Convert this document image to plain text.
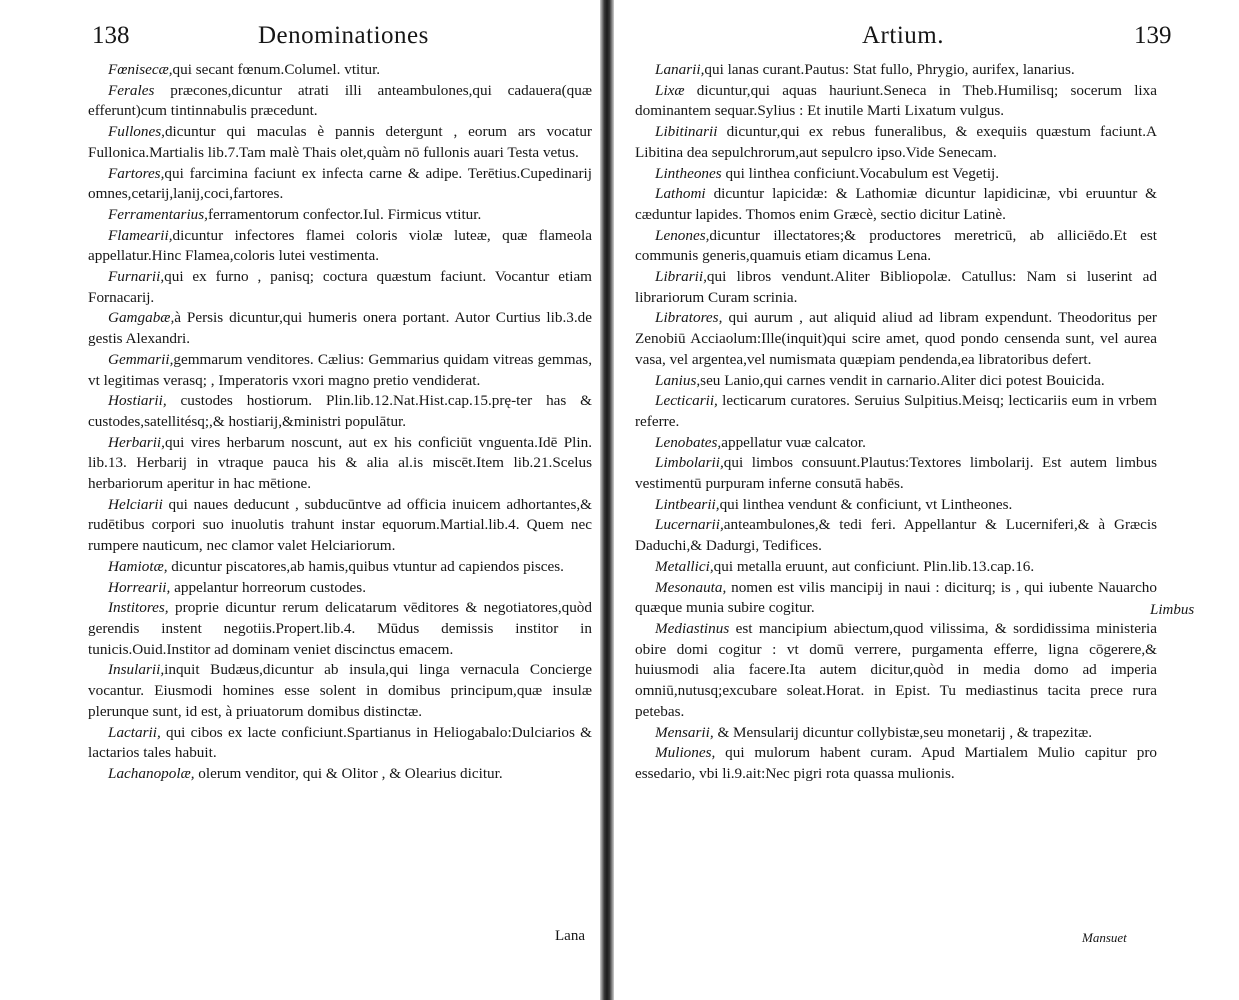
138	Denominationes

Fœnisecæ,qui secant fœnum.Columel. vtitur.

Ferales præcones,dicuntur atrati illi anteambulones,qui cadauera(quæ efferunt)cum tintinnabulis præcedunt.

Fullones,dicuntur qui maculas è pannis detergunt , eorum ars vocatur Fullonica.Martialis lib.7.Tam malè Thais olet,quàm nō fullonis auari Testa vetus.

Fartores,qui farcimina faciunt ex infecta carne & adipe. Terētius.Cupedinarij omnes,cetarij,lanij,coci,fartores.

Ferramentarius,ferramentorum confector.Iul. Firmicus vtitur.

Flamearii,dicuntur infectores flamei coloris violæ luteæ, quæ flameola appellatur.Hinc Flamea,coloris lutei vestimenta.

Furnarii,qui ex furno , panisq; coctura quæstum faciunt. Vocantur etiam Fornacarij.

Gamgabæ,à Persis dicuntur,qui humeris onera portant. Autor Curtius lib.3.de gestis Alexandri.

Gemmarii,gemmarum venditores. Cælius: Gemmarius quidam vitreas gemmas, vt legitimas verasq; , Imperatoris vxori magno pretio vendiderat.

Hostiarii, custodes hostiorum. Plin.lib.12.Nat.Hist.cap.15.prę-ter has & custodes,satellitésq;,& hostiarij,&ministri populātur.

Herbarii,qui vires herbarum noscunt, aut ex his conficiūt vnguenta.Idē Plin. lib.13. Herbarij in vtraque pauca his & alia al.is miscēt.Item lib.21.Scelus herbariorum aperitur in hac mētione.

Helciarii qui naues deducunt , subducūntve ad officia inuicem adhortantes,& rudētibus corpori suo inuolutis trahunt instar equorum.Martial.lib.4. Quem nec rumpere nauticum, nec clamor valet Helciariorum.

Hamiotæ, dicuntur piscatores,ab hamis,quibus vtuntur ad capiendos pisces.

Horrearii, appelantur horreorum custodes.

Institores, proprie dicuntur rerum delicatarum vēditores & negotiatores,quòd gerendis instent negotiis.Propert.lib.4. Mūdus demissis institor in tunicis.Ouid.Institor ad dominam veniet discinctus emacem.

Insularii,inquit Budæus,dicuntur ab insula,qui linga vernacula Concierge vocantur. Eiusmodi homines esse solent in domibus principum,quæ insulæ plerunque sunt, id est, à priuatorum domibus distinctæ.

Lactarii, qui cibos ex lacte conficiunt.Spartianus in Heliogabalo:Dulciarios & lactarios tales habuit.

Lachanopolæ, olerum venditor, qui & Olitor , & Olearius dicitur.

Lana
Artium.	139

Lanarii,qui lanas curant.Pautus: Stat fullo, Phrygio, aurifex, lanarius.

Lixæ dicuntur,qui aquas hauriunt.Seneca in Theb.Humilisq; socerum lixa dominantem sequar.Sylius : Et inutile Marti Lixatum vulgus.

Libitinarii dicuntur,qui ex rebus funeralibus, & exequiis quæstum faciunt.A Libitina dea sepulchrorum,aut sepulcro ipso.Vide Senecam.

Lintheones qui linthea conficiunt.Vocabulum est Vegetij.

Lathomi dicuntur lapicidæ: & Lathomiæ dicuntur lapidicinæ, vbi eruuntur & cæduntur lapides. Thomos enim Græcè, sectio dicitur Latinè.

Lenones,dicuntur illectatores;& productores meretricū, ab alliciēdo.Et est communis generis,quamuis etiam dicamus Lena.

Librarii,qui libros vendunt.Aliter Bibliopolæ. Catullus: Nam si luserint ad librariorum Curam scrinia.

Libratores, qui aurum , aut aliquid aliud ad libram expendunt. Theodoritus per Zenobiū Acciaolum:Ille(inquit)qui scire amet, quod pondo censenda sunt, vel aurea vasa, vel argentea,vel numismata quæpiam pendenda,ea libratoribus defert.

Lanius,seu Lanio,qui carnes vendit in carnario.Aliter dici potest Bouicida.

Lecticarii, lecticarum curatores. Seruius Sulpitius.Meisq; lecticariis eum in vrbem referre.

Lenobates,appellatur vuæ calcator.

Limbolarii,qui limbos consuunt.Plautus:Textores limbolarij. Est autem limbus vestimentū purpuram inferne consutā habēs.

Lintbearii,qui linthea vendunt & conficiunt, vt Lintheones.

Lucernarii,anteambulones,& tedi feri. Appellantur & Lucerniferi,& à Græcis Daduchi,& Dadurgi, Tedifices.

Metallici,qui metalla eruunt, aut conficiunt. Plin.lib.13.cap.16.

Mesonauta, nomen est vilis mancipij in naui : diciturq; is , qui iubente Nauarcho quæque munia subire cogitur.

Mediastinus est mancipium abiectum,quod vilissima, & sordidissima ministeria obire domi cogitur : vt domū verrere, purgamenta efferre, ligna cōgerere,& huiusmodi alia facere.Ita autem dicitur,quòd in media domo ad imperia omniū,nutusq;excubare soleat.Horat. in Epist. Tu mediastinus tacita prece rura petebas.

Mensarii, & Mensularij dicuntur collybistæ,seu monetarij , & trapezitæ.

Muliones, qui mulorum habent curam. Apud Martialem Mulio capitur pro essedario, vbi li.9.ait:Nec pigri rota quassa mulionis.

Limbus
Mansuet
